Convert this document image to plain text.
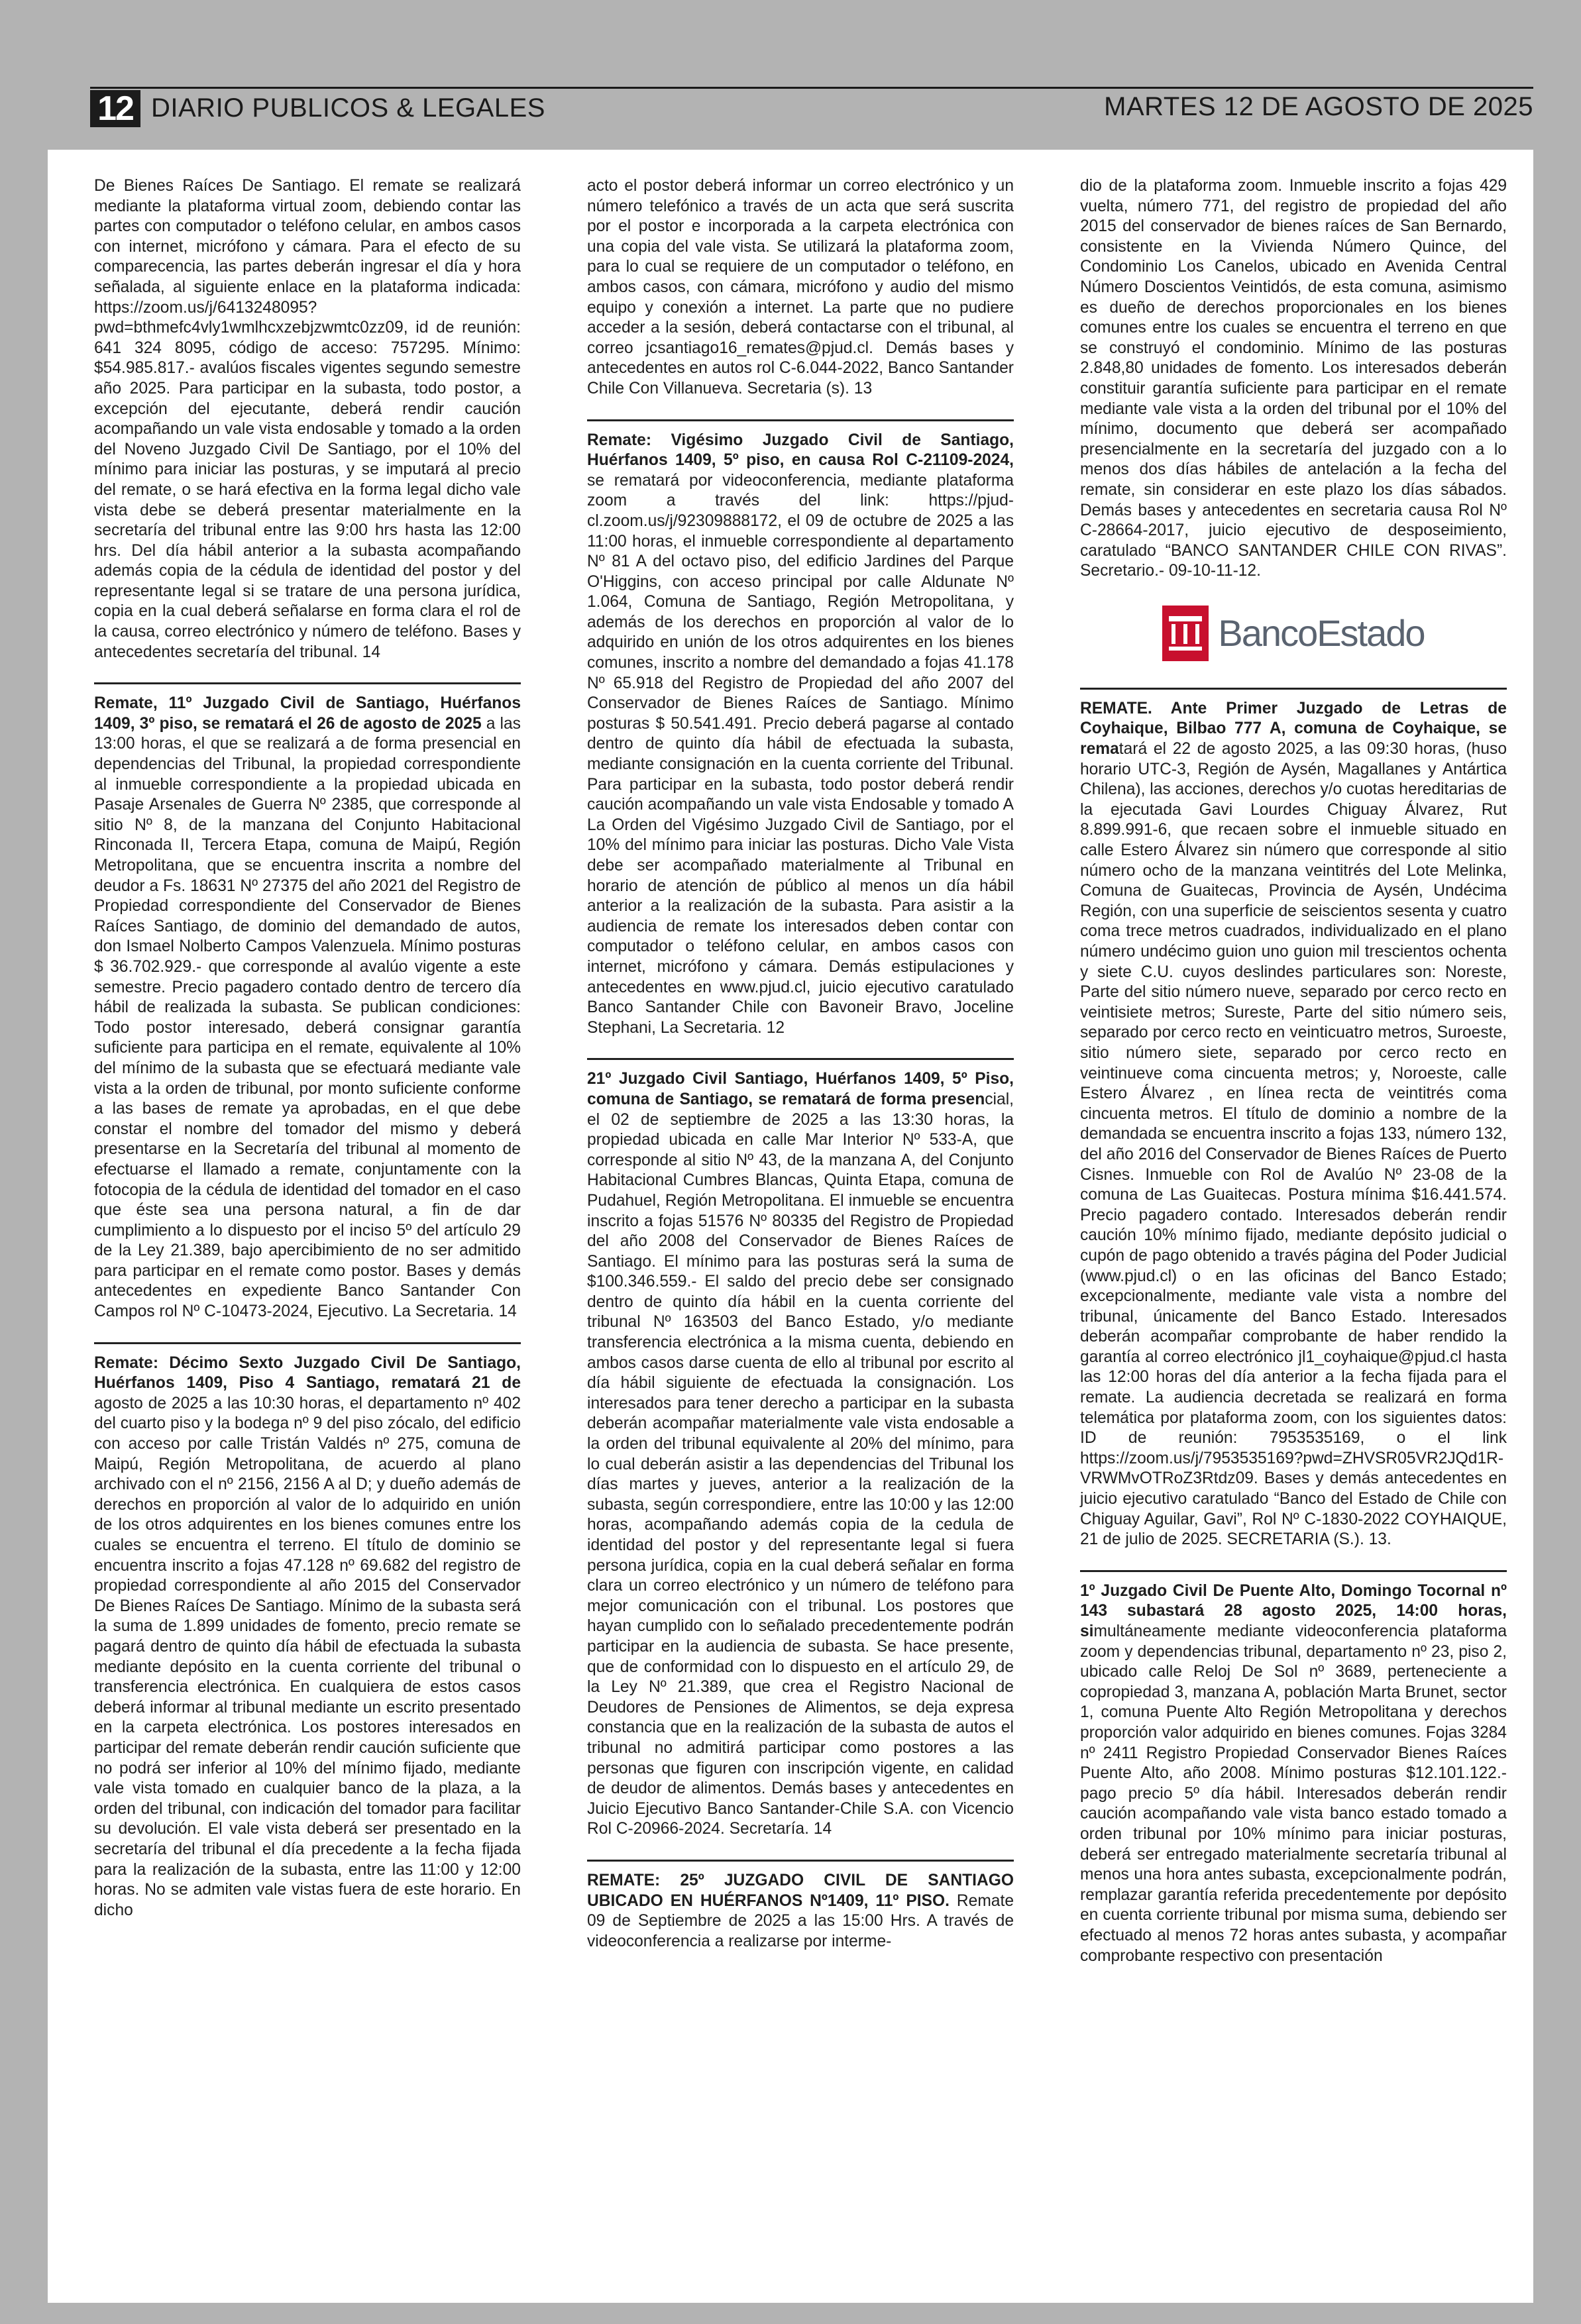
12 DIARIO PUBLICOS & LEGALES	MARTES 12 DE AGOSTO DE 2025

De Bienes Raíces De Santiago. El remate se realizará mediante la plataforma virtual zoom, debiendo contar las partes con computador o teléfono celular, en ambos casos con internet, micrófono y cámara. Para el efecto de su comparecencia, las partes deberán ingresar el día y hora señalada, al siguiente enlace en la plataforma indicada: https://zoom.us/j/6413248095?pwd=bthmefc4vly1wmlhcxzebjzwmtc0zz09, id de reunión: 641 324 8095, código de acceso: 757295. Mínimo: $54.985.817.- avalúos fiscales vigentes segundo semestre año 2025. Para participar en la subasta, todo postor, a excepción del ejecutante, deberá rendir caución acompañando un vale vista endosable y tomado a la orden del Noveno Juzgado Civil De Santiago, por el 10% del mínimo para iniciar las posturas, y se imputará al precio del remate, o se hará efectiva en la forma legal dicho vale vista debe se deberá presentar materialmente en la secretaría del tribunal entre las 9:00 hrs hasta las 12:00 hrs. Del día hábil anterior a la subasta acompañando además copia de la cédula de identidad del postor y del representante legal si se tratare de una persona jurídica, copia en la cual deberá señalarse en forma clara el rol de la causa, correo electrónico y número de teléfono. Bases y antecedentes secretaría del tribunal. 14

Remate, 11º Juzgado Civil de Santiago, Huérfanos 1409, 3º piso, se rematará el 26 de agosto de 2025 a las 13:00 horas, el que se realizará a de forma presencial en dependencias del Tribunal, la propiedad correspondiente al inmueble correspondiente a la propiedad ubicada en Pasaje Arsenales de Guerra Nº 2385, que corresponde al sitio Nº 8, de la manzana del Conjunto Habitacional Rinconada II, Tercera Etapa, comuna de Maipú, Región Metropolitana, que se encuentra inscrita a nombre del deudor a Fs. 18631 Nº 27375 del año 2021 del Registro de Propiedad correspondiente del Conservador de Bienes Raíces Santiago, de dominio del demandado de autos, don Ismael Nolberto Campos Valenzuela. Mínimo posturas $ 36.702.929.- que corresponde al avalúo vigente a este semestre. Precio pagadero contado dentro de tercero día hábil de realizada la subasta. Se publican condiciones: Todo postor interesado, deberá consignar garantía suficiente para participa en el remate, equivalente al 10% del mínimo de la subasta que se efectuará mediante vale vista a la orden de tribunal, por monto suficiente conforme a las bases de remate ya aprobadas, en el que debe constar el nombre del tomador del mismo y deberá presentarse en la Secretaría del tribunal al momento de efectuarse el llamado a remate, conjuntamente con la fotocopia de la cédula de identidad del tomador en el caso que éste sea una persona natural, a fin de dar cumplimiento a lo dispuesto por el inciso 5º del artículo 29 de la Ley 21.389, bajo apercibimiento de no ser admitido para participar en el remate como postor. Bases y demás antecedentes en expediente Banco Santander Con Campos rol Nº C-10473-2024, Ejecutivo. La Secretaria. 14

Remate: Décimo Sexto Juzgado Civil De Santiago, Huérfanos 1409, Piso 4 Santiago, rematará 21 de agosto de 2025 a las 10:30 horas, el departamento nº 402 del cuarto piso y la bodega nº 9 del piso zócalo, del edificio con acceso por calle Tristán Valdés nº 275, comuna de Maipú, Región Metropolitana, de acuerdo al plano archivado con el nº 2156, 2156 A al D; y dueño además de derechos en proporción al valor de lo adquirido en unión de los otros adquirentes en los bienes comunes entre los cuales se encuentra el terreno. El título de dominio se encuentra inscrito a fojas 47.128 nº 69.682 del registro de propiedad correspondiente al año 2015 del Conservador De Bienes Raíces De Santiago. Mínimo de la subasta será la suma de 1.899 unidades de fomento, precio remate se pagará dentro de quinto día hábil de efectuada la subasta mediante depósito en la cuenta corriente del tribunal o transferencia electrónica. En cualquiera de estos casos deberá informar al tribunal mediante un escrito presentado en la carpeta electrónica. Los postores interesados en participar del remate deberán rendir caución suficiente que no podrá ser inferior al 10% del mínimo fijado, mediante vale vista tomado en cualquier banco de la plaza, a la orden del tribunal, con indicación del tomador para facilitar su devolución. El vale vista deberá ser presentado en la secretaría del tribunal el día precedente a la fecha fijada para la realización de la subasta, entre las 11:00 y 12:00 horas. No se admiten vale vistas fuera de este horario. En dicho

acto el postor deberá informar un correo electrónico y un número telefónico a través de un acta que será suscrita por el postor e incorporada a la carpeta electrónica con una copia del vale vista. Se utilizará la plataforma zoom, para lo cual se requiere de un computador o teléfono, en ambos casos, con cámara, micrófono y audio del mismo equipo y conexión a internet. La parte que no pudiere acceder a la sesión, deberá contactarse con el tribunal, al correo jcsantiago16_remates@pjud.cl. Demás bases y antecedentes en autos rol C-6.044-2022, Banco Santander Chile Con Villanueva. Secretaria (s). 13

Remate: Vigésimo Juzgado Civil de Santiago, Huérfanos 1409, 5º piso, en causa Rol C-21109-2024, se rematará por videoconferencia, mediante plataforma zoom a través del link: https://pjud-cl.zoom.us/j/92309888172, el 09 de octubre de 2025 a las 11:00 horas, el inmueble correspondiente al departamento Nº 81 A del octavo piso, del edificio Jardines del Parque O'Higgins, con acceso principal por calle Aldunate Nº 1.064, Comuna de Santiago, Región Metropolitana, y además de los derechos en proporción al valor de lo adquirido en unión de los otros adquirentes en los bienes comunes, inscrito a nombre del demandado a fojas 41.178 Nº 65.918 del Registro de Propiedad del año 2007 del Conservador de Bienes Raíces de Santiago. Mínimo posturas $ 50.541.491. Precio deberá pagarse al contado dentro de quinto día hábil de efectuada la subasta, mediante consignación en la cuenta corriente del Tribunal. Para participar en la subasta, todo postor deberá rendir caución acompañando un vale vista Endosable y tomado A La Orden del Vigésimo Juzgado Civil de Santiago, por el 10% del mínimo para iniciar las posturas. Dicho Vale Vista debe ser acompañado materialmente al Tribunal en horario de atención de público al menos un día hábil anterior a la realización de la subasta. Para asistir a la audiencia de remate los interesados deben contar con computador o teléfono celular, en ambos casos con internet, micrófono y cámara. Demás estipulaciones y antecedentes en www.pjud.cl, juicio ejecutivo caratulado Banco Santander Chile con Bavoneir Bravo, Joceline Stephani, La Secretaria. 12

21º Juzgado Civil Santiago, Huérfanos 1409, 5º Piso, comuna de Santiago, se rematará de forma presencial, el 02 de septiembre de 2025 a las 13:30 horas, la propiedad ubicada en calle Mar Interior Nº 533-A, que corresponde al sitio Nº 43, de la manzana A, del Conjunto Habitacional Cumbres Blancas, Quinta Etapa, comuna de Pudahuel, Región Metropolitana. El inmueble se encuentra inscrito a fojas 51576 Nº 80335 del Registro de Propiedad del año 2008 del Conservador de Bienes Raíces de Santiago. El mínimo para las posturas será la suma de $100.346.559.- El saldo del precio debe ser consignado dentro de quinto día hábil en la cuenta corriente del tribunal Nº 163503 del Banco Estado, y/o mediante transferencia electrónica a la misma cuenta, debiendo en ambos casos darse cuenta de ello al tribunal por escrito al día hábil siguiente de efectuada la consignación. Los interesados para tener derecho a participar en la subasta deberán acompañar materialmente vale vista endosable a la orden del tribunal equivalente al 20% del mínimo, para lo cual deberán asistir a las dependencias del Tribunal los días martes y jueves, anterior a la realización de la subasta, según correspondiere, entre las 10:00 y las 12:00 horas, acompañando además copia de la cedula de identidad del postor y del representante legal si fuera persona jurídica, copia en la cual deberá señalar en forma clara un correo electrónico y un número de teléfono para mejor comunicación con el tribunal. Los postores que hayan cumplido con lo señalado precedentemente podrán participar en la audiencia de subasta. Se hace presente, que de conformidad con lo dispuesto en el artículo 29, de la Ley Nº 21.389, que crea el Registro Nacional de Deudores de Pensiones de Alimentos, se deja expresa constancia que en la realización de la subasta de autos el tribunal no admitirá participar como postores a las personas que figuren con inscripción vigente, en calidad de deudor de alimentos. Demás bases y antecedentes en Juicio Ejecutivo Banco Santander-Chile S.A. con Vicencio Rol C-20966-2024. Secretaría. 14

REMATE: 25º JUZGADO CIVIL DE SANTIAGO UBICADO EN HUÉRFANOS Nº1409, 11º PISO. Remate 09 de Septiembre de 2025 a las 15:00 Hrs. A través de videoconferencia a realizarse por interme-

dio de la plataforma zoom. Inmueble inscrito a fojas 429 vuelta, número 771, del registro de propiedad del año 2015 del conservador de bienes raíces de San Bernardo, consistente en la Vivienda Número Quince, del Condominio Los Canelos, ubicado en Avenida Central Número Doscientos Veintidós, de esta comuna, asimismo es dueño de derechos proporcionales en los bienes comunes entre los cuales se encuentra el terreno en que se construyó el condominio. Mínimo de las posturas 2.848,80 unidades de fomento. Los interesados deberán constituir garantía suficiente para participar en el remate mediante vale vista a la orden del tribunal por el 10% del mínimo, documento que deberá ser acompañado presencialmente en la secretaría del juzgado con a lo menos dos días hábiles de antelación a la fecha del remate, sin considerar en este plazo los días sábados. Demás bases y antecedentes en secretaria causa Rol Nº C-28664-2017, juicio ejecutivo de desposeimiento, caratulado “BANCO SANTANDER CHILE CON RIVAS”. Secretario.- 09-10-11-12.

BancoEstado

REMATE. Ante Primer Juzgado de Letras de Coyhaique, Bilbao 777 A, comuna de Coyhaique, se rematará el 22 de agosto 2025, a las 09:30 horas, (huso horario UTC-3, Región de Aysén, Magallanes y Antártica Chilena), las acciones, derechos y/o cuotas hereditarias de la ejecutada Gavi Lourdes Chiguay Álvarez, Rut 8.899.991-6, que recaen sobre el inmueble situado en calle Estero Álvarez sin número que corresponde al sitio número ocho de la manzana veintitrés del Lote Melinka, Comuna de Guaitecas, Provincia de Aysén, Undécima Región, con una superficie de seiscientos sesenta y cuatro coma trece metros cuadrados, individualizado en el plano número undécimo guion uno guion mil trescientos ochenta y siete C.U. cuyos deslindes particulares son: Noreste, Parte del sitio número nueve, separado por cerco recto en veintisiete metros; Sureste, Parte del sitio número seis, separado por cerco recto en veinticuatro metros, Suroeste, sitio número siete, separado por cerco recto en veintinueve coma cincuenta metros; y, Noroeste, calle Estero Álvarez , en línea recta de veintitrés coma cincuenta metros. El título de dominio a nombre de la demandada se encuentra inscrito a fojas 133, número 132, del año 2016 del Conservador de Bienes Raíces de Puerto Cisnes. Inmueble con Rol de Avalúo Nº 23-08 de la comuna de Las Guaitecas. Postura mínima $16.441.574. Precio pagadero contado. Interesados deberán rendir caución 10% mínimo fijado, mediante depósito judicial o cupón de pago obtenido a través página del Poder Judicial (www.pjud.cl) o en las oficinas del Banco Estado; excepcionalmente, mediante vale vista a nombre del tribunal, únicamente del Banco Estado. Interesados deberán acompañar comprobante de haber rendido la garantía al correo electrónico jl1_coyhaique@pjud.cl hasta las 12:00 horas del día anterior a la fecha fijada para el remate. La audiencia decretada se realizará en forma telemática por plataforma zoom, con los siguientes datos: ID de reunión: 7953535169, o el link https://zoom.us/j/7953535169?pwd=ZHVSR05VR2JQd1R-VRWMvOTRoZ3Rtdz09. Bases y demás antecedentes en juicio ejecutivo caratulado “Banco del Estado de Chile con Chiguay Aguilar, Gavi”, Rol Nº C-1830-2022 COYHAIQUE, 21 de julio de 2025. SECRETARIA (S.). 13.

1º Juzgado Civil De Puente Alto, Domingo Tocornal nº 143 subastará 28 agosto 2025, 14:00 horas, simultáneamente mediante videoconferencia plataforma zoom y dependencias tribunal, departamento nº 23, piso 2, ubicado calle Reloj De Sol nº 3689, perteneciente a copropiedad 3, manzana A, población Marta Brunet, sector 1, comuna Puente Alto Región Metropolitana y derechos proporción valor adquirido en bienes comunes. Fojas 3284 nº 2411 Registro Propiedad Conservador Bienes Raíces Puente Alto, año 2008. Mínimo posturas $12.101.122.- pago precio 5º día hábil. Interesados deberán rendir caución acompañando vale vista banco estado tomado a orden tribunal por 10% mínimo para iniciar posturas, deberá ser entregado materialmente secretaría tribunal al menos una hora antes subasta, excepcionalmente podrán, remplazar garantía referida precedentemente por depósito en cuenta corriente tribunal por misma suma, debiendo ser efectuado al menos 72 horas antes subasta, y acompañar comprobante respectivo con presentación
